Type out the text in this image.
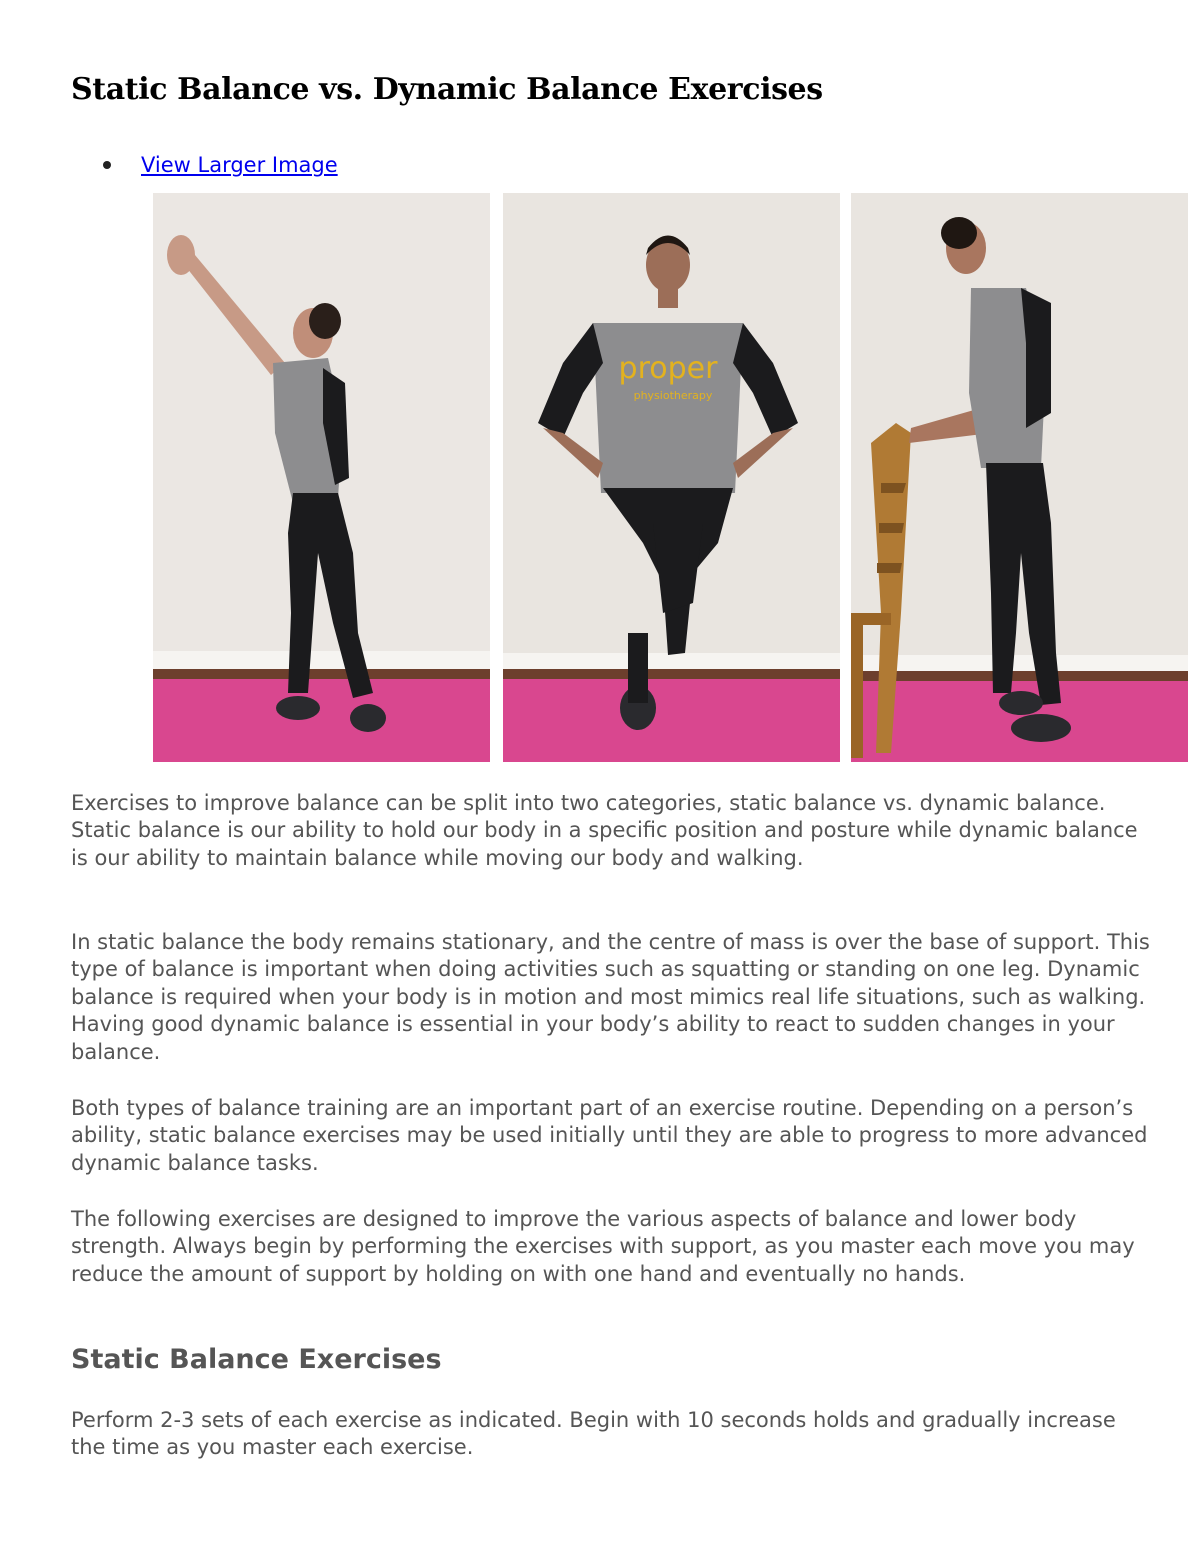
Static Balance vs. Dynamic Balance Exercises
View Larger Image
proper
physiotherapy

Exercises to improve balance can be split into two categories, static balance vs. dynamic balance. Static balance is our ability to hold our body in a specific position and posture while dynamic balance is our ability to maintain balance while moving our body and walking.

In static balance the body remains stationary, and the centre of mass is over the base of support. This type of balance is important when doing activities such as squatting or standing on one leg. Dynamic balance is required when your body is in motion and most mimics real life situations, such as walking. Having good dynamic balance is essential in your body’s ability to react to sudden changes in your balance.

Both types of balance training are an important part of an exercise routine. Depending on a person’s ability, static balance exercises may be used initially until they are able to progress to more advanced dynamic balance tasks.

The following exercises are designed to improve the various aspects of balance and lower body strength. Always begin by performing the exercises with support, as you master each move you may reduce the amount of support by holding on with one hand and eventually no hands.

Static Balance Exercises

Perform 2-3 sets of each exercise as indicated. Begin with 10 seconds holds and gradually increase the time as you master each exercise.
